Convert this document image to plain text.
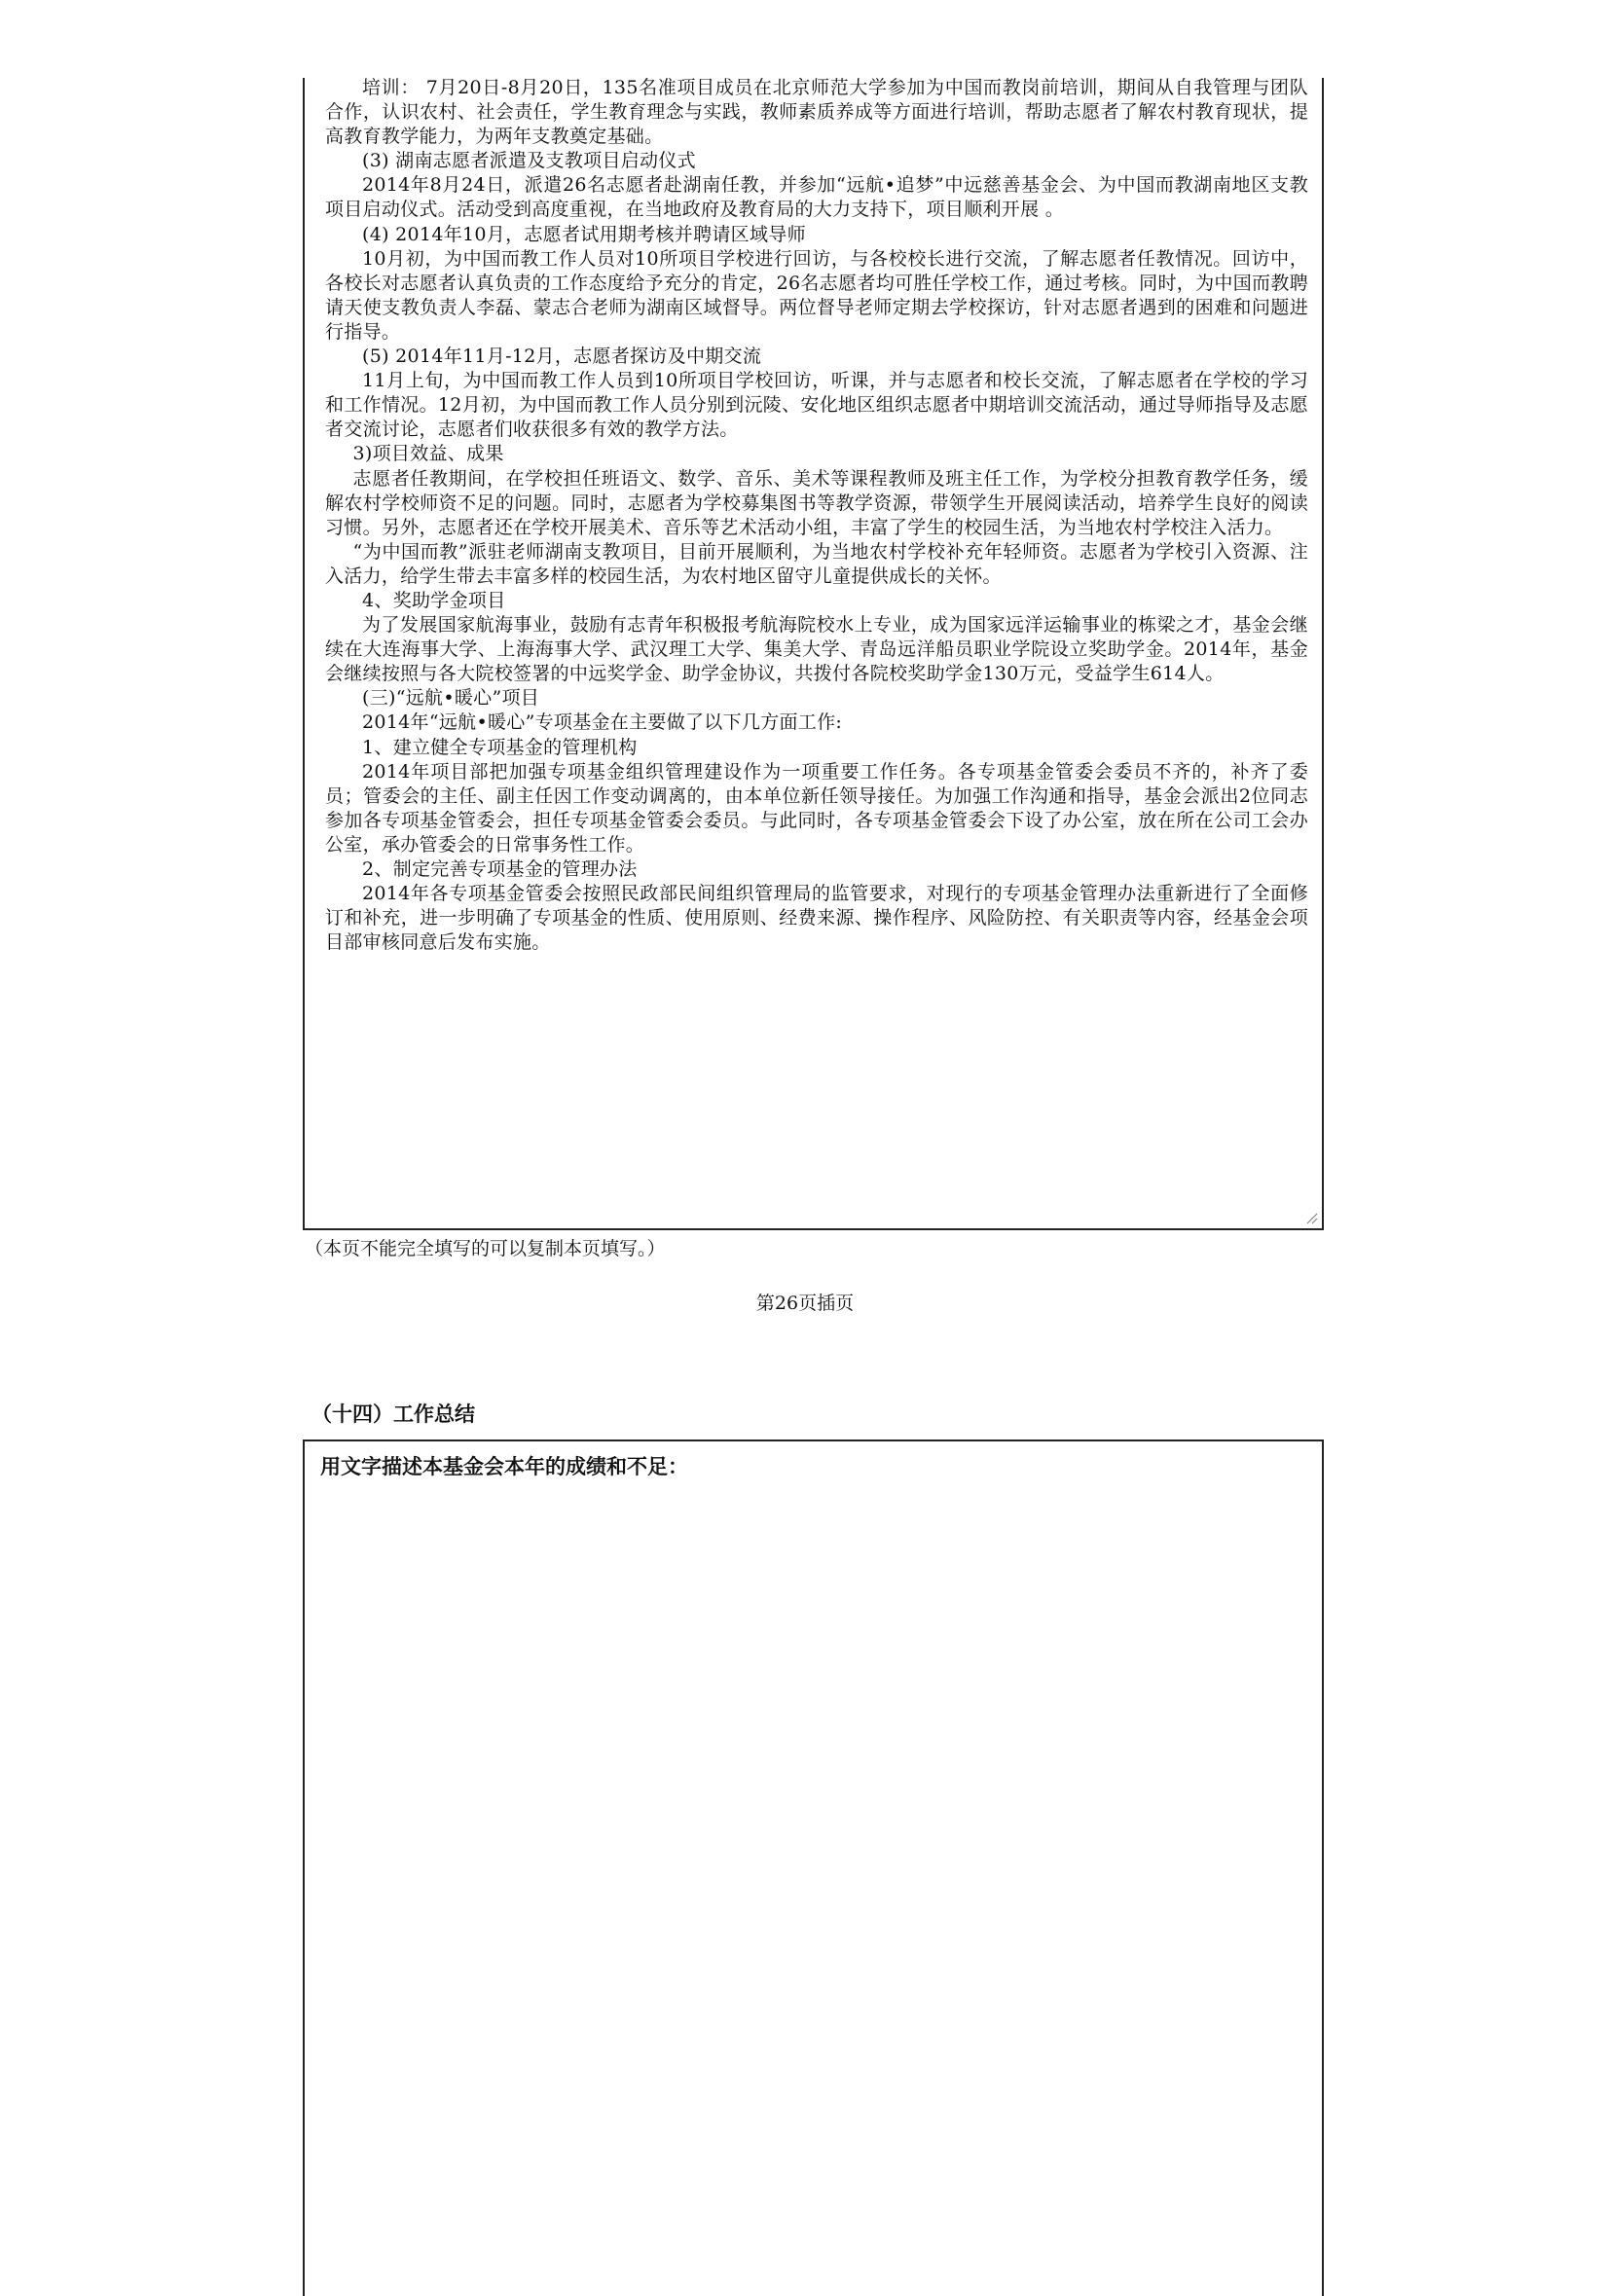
培训： 7月20日-8月20日，135名准项目成员在北京师范大学参加为中国而教岗前培训，期间从自我管理与团队合作，认识农村、社会责任，学生教育理念与实践，教师素质养成等方面进行培训，帮助志愿者了解农村教育现状，提高教育教学能力，为两年支教奠定基础。

(3) 湖南志愿者派遣及支教项目启动仪式

2014年8月24日，派遣26名志愿者赴湖南任教，并参加“远航•追梦”中远慈善基金会、为中国而教湖南地区支教项目启动仪式。活动受到高度重视，在当地政府及教育局的大力支持下，项目顺利开展 。

(4) 2014年10月，志愿者试用期考核并聘请区域导师

10月初，为中国而教工作人员对10所项目学校进行回访，与各校校长进行交流，了解志愿者任教情况。回访中，各校长对志愿者认真负责的工作态度给予充分的肯定，26名志愿者均可胜任学校工作，通过考核。同时，为中国而教聘请天使支教负责人李磊、蒙志合老师为湖南区域督导。两位督导老师定期去学校探访，针对志愿者遇到的困难和问题进行指导。

(5) 2014年11月-12月，志愿者探访及中期交流

11月上旬，为中国而教工作人员到10所项目学校回访，听课，并与志愿者和校长交流，了解志愿者在学校的学习和工作情况。12月初，为中国而教工作人员分别到沅陵、安化地区组织志愿者中期培训交流活动，通过导师指导及志愿者交流讨论，志愿者们收获很多有效的教学方法。

3)项目效益、成果

志愿者任教期间，在学校担任班语文、数学、音乐、美术等课程教师及班主任工作，为学校分担教育教学任务，缓解农村学校师资不足的问题。同时，志愿者为学校募集图书等教学资源，带领学生开展阅读活动，培养学生良好的阅读习惯。另外，志愿者还在学校开展美术、音乐等艺术活动小组，丰富了学生的校园生活，为当地农村学校注入活力。

“为中国而教”派驻老师湖南支教项目，目前开展顺利，为当地农村学校补充年轻师资。志愿者为学校引入资源、注入活力，给学生带去丰富多样的校园生活，为农村地区留守儿童提供成长的关怀。

4、奖助学金项目

为了发展国家航海事业，鼓励有志青年积极报考航海院校水上专业，成为国家远洋运输事业的栋梁之才，基金会继续在大连海事大学、上海海事大学、武汉理工大学、集美大学、青岛远洋船员职业学院设立奖助学金。2014年，基金会继续按照与各大院校签署的中远奖学金、助学金协议，共拨付各院校奖助学金130万元，受益学生614人。

(三)“远航•暖心”项目

2014年“远航•暖心”专项基金在主要做了以下几方面工作:

1、建立健全专项基金的管理机构

2014年项目部把加强专项基金组织管理建设作为一项重要工作任务。各专项基金管委会委员不齐的，补齐了委员；管委会的主任、副主任因工作变动调离的，由本单位新任领导接任。为加强工作沟通和指导，基金会派出2位同志参加各专项基金管委会，担任专项基金管委会委员。与此同时，各专项基金管委会下设了办公室，放在所在公司工会办公室，承办管委会的日常事务性工作。

2、制定完善专项基金的管理办法

2014年各专项基金管委会按照民政部民间组织管理局的监管要求，对现行的专项基金管理办法重新进行了全面修订和补充，进一步明确了专项基金的性质、使用原则、经费来源、操作程序、风险防控、有关职责等内容，经基金会项目部审核同意后发布实施。

（本页不能完全填写的可以复制本页填写。）
第26页插页
（十四）工作总结
用文字描述本基金会本年的成绩和不足：
